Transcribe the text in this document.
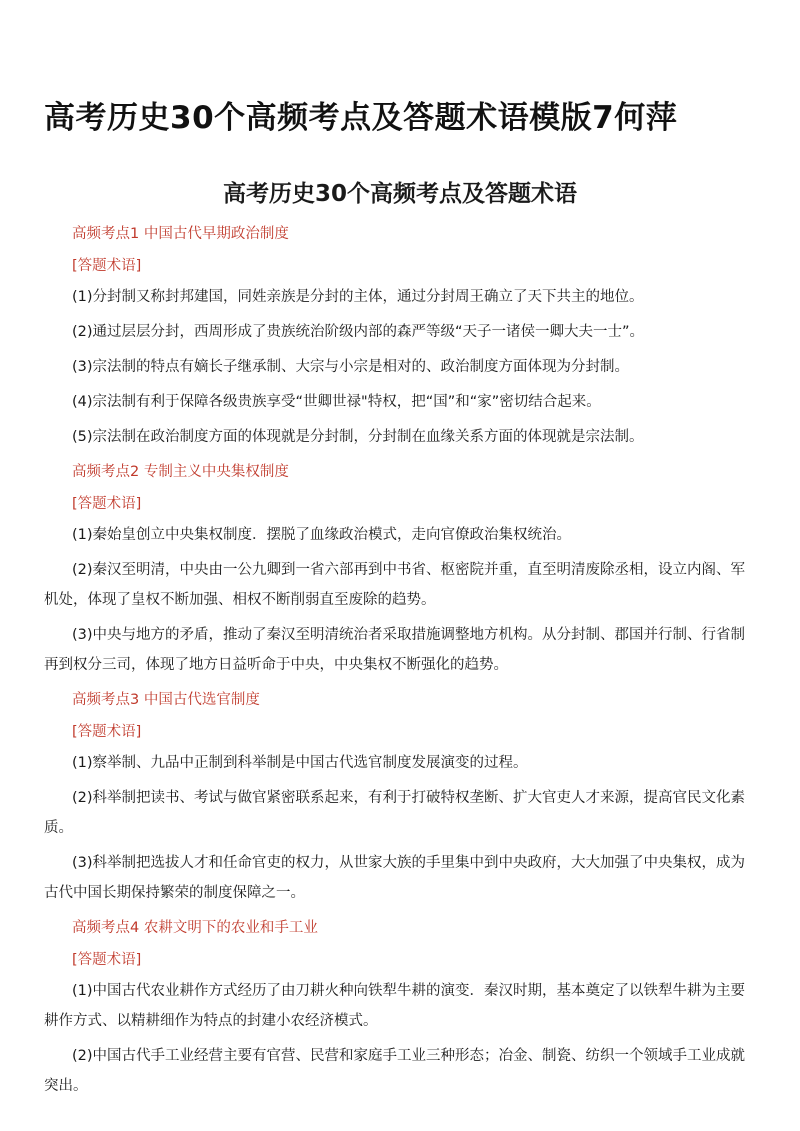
高考历史30个高频考点及答题术语模版7何萍
高考历史30个高频考点及答题术语
高频考点1 中国古代早期政治制度

[答题术语]

(1)分封制又称封邦建国，同姓亲族是分封的主体，通过分封周王确立了天下共主的地位。
(2)通过层层分封，西周形成了贵族统治阶级内部的森严等级“天子一诸侯一卿大夫一士”。
(3)宗法制的特点有嫡长子继承制、大宗与小宗是相对的、政治制度方面体现为分封制。
(4)宗法制有利于保障各级贵族享受“世卿世禄"特权，把“国”和“家”密切结合起来。
(5)宗法制在政治制度方面的体现就是分封制，分封制在血缘关系方面的体现就是宗法制。
高频考点2 专制主义中央集权制度

[答题术语]

(1)秦始皇创立中央集权制度．摆脱了血缘政治模式，走向官僚政治集权统治。
(2)秦汉至明清，中央由一公九卿到一省六部再到中书省、枢密院并重，直至明清废除丞相，设立内阁、军机处，体现了皇权不断加强、相权不断削弱直至废除的趋势。
(3)中央与地方的矛盾，推动了秦汉至明清统治者采取措施调整地方机构。从分封制、郡国并行制、行省制再到权分三司，体现了地方日益听命于中央，中央集权不断强化的趋势。
高频考点3 中国古代选官制度

[答题术语]

(1)察举制、九品中正制到科举制是中国古代选官制度发展演变的过程。
(2)科举制把读书、考试与做官紧密联系起来，有利于打破特权垄断、扩大官吏人才来源，提高官民文化素质。
(3)科举制把选拔人才和任命官吏的权力，从世家大族的手里集中到中央政府，大大加强了中央集权，成为古代中国长期保持繁荣的制度保障之一。
高频考点4 农耕文明下的农业和手工业

[答题术语]

(1)中国古代农业耕作方式经历了由刀耕火种向铁犁牛耕的演变．秦汉时期，基本奠定了以铁犁牛耕为主要耕作方式、以精耕细作为特点的封建小农经济模式。
(2)中国古代手工业经营主要有官营、民营和家庭手工业三种形态；冶金、制瓷、纺织一个领域手工业成就突出。
